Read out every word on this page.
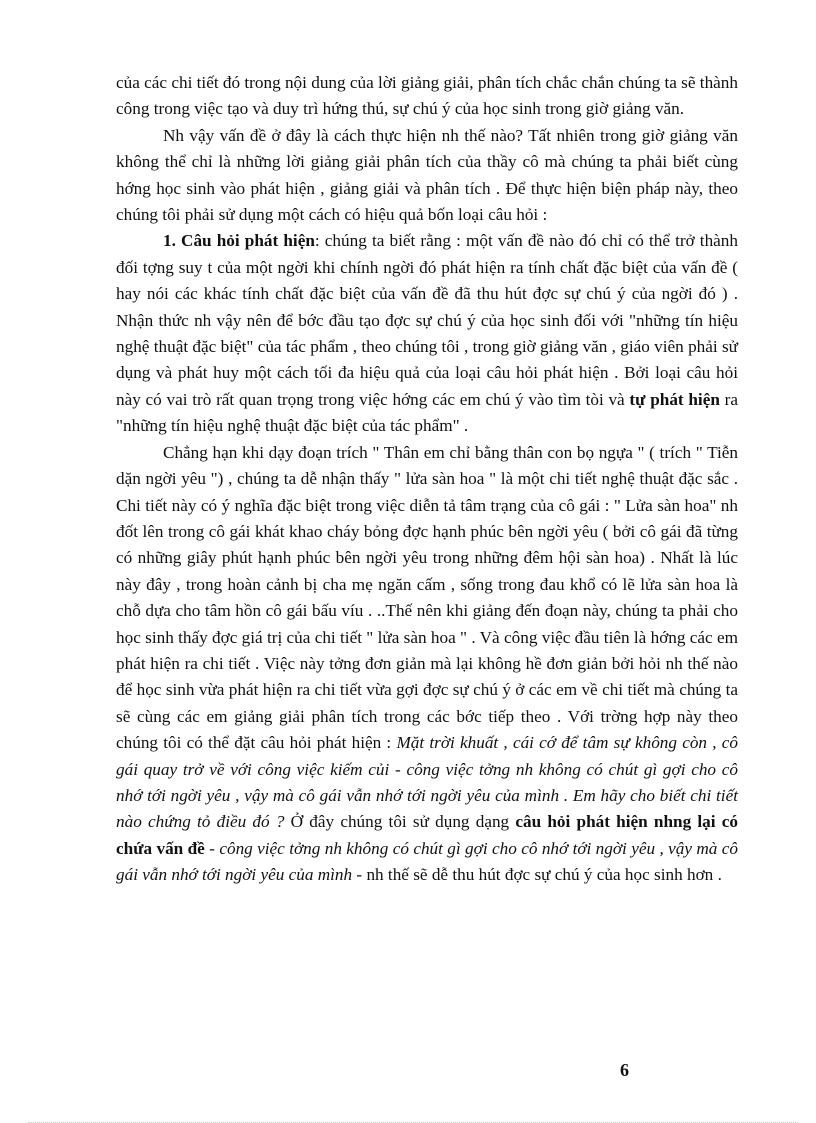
của các chi tiết đó trong nội dung của lời giảng giải, phân tích chắc chắn chúng ta sẽ thành công trong việc tạo và duy trì hứng thú, sự chú ý của học sinh trong giờ giảng văn.

Nh vậy vấn đề ở đây là cách thực hiện nh thế nào? Tất nhiên trong giờ giảng văn không thể chỉ là những lời giảng giải phân tích của thầy cô mà chúng ta phải biết cùng hớng học sinh vào phát hiện , giảng giải và phân tích . Để thực hiện biện pháp này, theo chúng tôi phải sử dụng một cách có hiệu quả bốn loại câu hỏi :

1. Câu hỏi phát hiện: chúng ta biết rằng : một vấn đề nào đó chỉ có thể trở thành đối tợng suy t của một ngời khi chính ngời đó phát hiện ra tính chất đặc biệt của vấn đề ( hay nói các khác tính chất đặc biệt của vấn đề đã thu hút đợc sự chú ý của ngời đó ) . Nhận thức nh vậy nên để bớc đầu tạo đợc sự chú ý của học sinh đối với "những tín hiệu nghệ thuật đặc biệt" của tác phẩm , theo chúng tôi , trong giờ giảng văn , giáo viên phải sử dụng và phát huy một cách tối đa hiệu quả của loại câu hỏi phát hiện . Bởi loại câu hỏi này có vai trò rất quan trọng trong việc hớng các em chú ý vào tìm tòi và tự phát hiện ra "những tín hiệu nghệ thuật đặc biệt của tác phẩm" .

Chẳng hạn khi dạy đoạn trích " Thân em chỉ bằng thân con bọ ngựa " ( trích " Tiễn dặn ngời yêu ") , chúng ta dễ nhận thấy " lửa sàn hoa " là một chi tiết nghệ thuật đặc sắc . Chi tiết này có ý nghĩa đặc biệt trong việc diễn tả tâm trạng của cô gái : " Lửa sàn hoa" nh đốt lên trong cô gái khát khao cháy bỏng đợc hạnh phúc bên ngời yêu ( bởi cô gái đã từng có những giây phút hạnh phúc bên ngời yêu trong những đêm hội sàn hoa) . Nhất là lúc này đây , trong hoàn cảnh bị cha mẹ ngăn cấm , sống trong đau khổ có lẽ lửa sàn hoa là chỗ dựa cho tâm hồn cô gái bấu víu . ..Thế nên khi giảng đến đoạn này, chúng ta phải cho học sinh thấy đợc giá trị của chi tiết " lửa sàn hoa " . Và công việc đầu tiên là hớng các em phát hiện ra chi tiết . Việc này tởng đơn giản mà lại không hề đơn giản bởi hỏi nh thế nào để học sinh vừa phát hiện ra chi tiết vừa gợi đợc sự chú ý ở các em về chi tiết mà chúng ta sẽ cùng các em giảng giải phân tích trong các bớc tiếp theo . Với trờng hợp này theo chúng tôi có thể đặt câu hỏi phát hiện : Mặt trời khuất , cái cớ để tâm sự không còn , cô gái quay trở về với công việc kiếm củi - công việc tởng nh không có chút gì gợi cho cô nhớ tới ngời yêu , vậy mà cô gái vẫn nhớ tới ngời yêu của mình . Em hãy cho biết chi tiết nào chứng tỏ điều đó ? Ở đây chúng tôi sử dụng dạng câu hỏi phát hiện nhng lại có chứa vấn đề - công việc tởng nh không có chút gì gợi cho cô nhớ tới ngời yêu , vậy mà cô gái vẫn nhớ tới ngời yêu của mình - nh thế sẽ dễ thu hút đợc sự chú ý của học sinh hơn .

6
